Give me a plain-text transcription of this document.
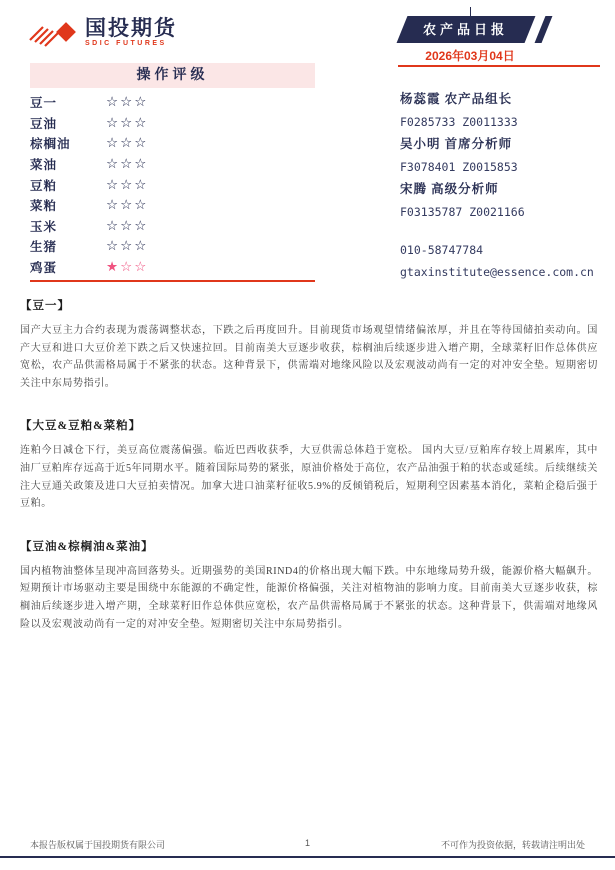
国投期货
SDIC FUTURES
农产品日报
2026年03月04日
操作评级
豆一	☆☆☆
豆油	☆☆☆
棕榈油	☆☆☆
菜油	☆☆☆
豆粕	☆☆☆
菜粕	☆☆☆
玉米	☆☆☆
生猪	☆☆☆
鸡蛋	★☆☆
杨蕊霞 农产品组长
F0285733 Z0011333
吴小明 首席分析师
F3078401 Z0015853
宋腾 高级分析师
F03135787 Z0021166
010-58747784
gtaxinstitute@essence.com.cn
【豆一】
国产大豆主力合约表现为震荡调整状态，下跌之后再度回升。目前现货市场观望情绪偏浓厚，并且在等待国储拍卖动向。国产大豆和进口大豆价差下跌之后又快速拉回。目前南美大豆逐步收获，棕榈油后续逐步进入增产期，全球菜籽旧作总体供应宽松，农产品供需格局属于不紧张的状态。这种背景下，供需端对地缘风险以及宏观波动尚有一定的对冲安全垫。短期密切关注中东局势指引。
【大豆&豆粕&菜粕】
连粕今日减仓下行，美豆高位震荡偏强。临近巴西收获季，大豆供需总体趋于宽松。 国内大豆/豆粕库存较上周累库，其中油厂豆粕库存远高于近5年同期水平。随着国际局势的紧张，原油价格处于高位，农产品油强于粕的状态或延续。后续继续关注大豆通关政策及进口大豆拍卖情况。加拿大进口油菜籽征收5.9%的反倾销税后，短期利空因素基本消化，菜粕企稳后强于豆粕。
【豆油&棕榈油&菜油】
国内植物油整体呈现冲高回落势头。近期强势的美国RIND4的价格出现大幅下跌。中东地缘局势升级，能源价格大幅飙升。短期预计市场驱动主要是围绕中东能源的不确定性，能源价格偏强，关注对植物油的影响力度。目前南美大豆逐步收获，棕榈油后续逐步进入增产期，全球菜籽旧作总体供应宽松，农产品供需格局属于不紧张的状态。这种背景下，供需端对地缘风险以及宏观波动尚有一定的对冲安全垫。短期密切关注中东局势指引。
本报告版权属于国投期货有限公司	1	不可作为投资依据，转载请注明出处
